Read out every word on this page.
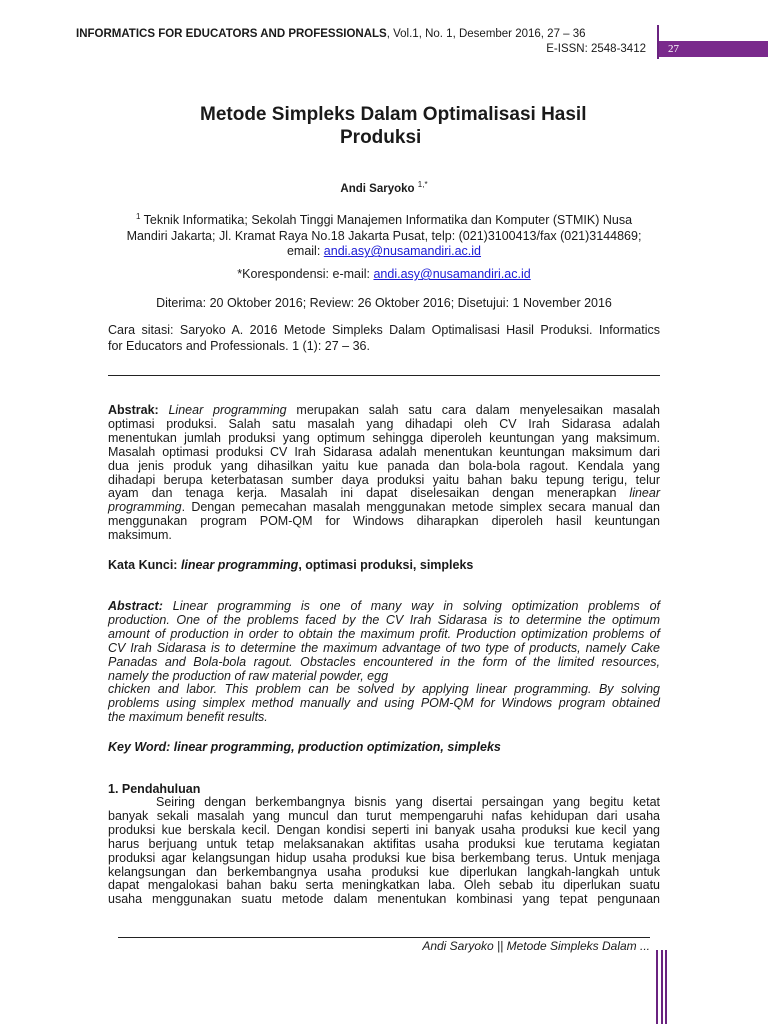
INFORMATICS FOR EDUCATORS AND PROFESSIONALS, Vol.1, No. 1, Desember 2016, 27 – 36
E-ISSN: 2548-3412	27
Metode Simpleks Dalam Optimalisasi Hasil
Produksi
Andi Saryoko $^{1,*}$
$^1$ Teknik Informatika; Sekolah Tinggi Manajemen Informatika dan Komputer (STMIK) Nusa
Mandiri Jakarta; Jl. Kramat Raya No.18 Jakarta Pusat, telp: (021)3100413/fax (021)3144869;
email: andi.asy@nusamandiri.ac.id
*Korespondensi: e-mail: andi.asy@nusamandiri.ac.id
Diterima: 20 Oktober 2016; Review: 26 Oktober 2016; Disetujui: 1 November 2016
Cara sitasi: Saryoko A. 2016 Metode Simpleks Dalam Optimalisasi Hasil Produksi. Informatics
for Educators and Professionals. 1 (1): 27 – 36.
Abstrak: Linear programming merupakan salah satu cara dalam menyelesaikan masalah
optimasi produksi. Salah satu masalah yang dihadapi oleh CV Irah Sidarasa adalah
menentukan jumlah produksi yang optimum sehingga diperoleh keuntungan yang maksimum.
Masalah optimasi produksi CV Irah Sidarasa adalah menentukan keuntungan maksimum dari
dua jenis produk yang dihasilkan yaitu kue panada dan bola-bola ragout. Kendala yang
dihadapi berupa keterbatasan sumber daya produksi yaitu bahan baku tepung terigu, telur
ayam dan tenaga kerja. Masalah ini dapat diselesaikan dengan menerapkan linear
programming. Dengan pemecahan masalah menggunakan metode simplex secara manual dan
menggunakan program POM-QM for Windows diharapkan diperoleh hasil keuntungan
maksimum.
Kata Kunci: linear programming, optimasi produksi, simpleks
Abstract: Linear programming is one of many way in solving optimization problems of
production. One of the problems faced by the CV Irah Sidarasa is to determine the optimum
amount of production in order to obtain the maximum profit. Production optimization problems of
CV Irah Sidarasa is to determine the maximum advantage of two type of products, namely Cake
Panadas and Bola-bola ragout. Obstacles encountered in the form of the limited resources,
namely the production of raw material powder, egg
chicken and labor. This problem can be solved by applying linear programming. By solving
problems using simplex method manually and using POM-QM for Windows program obtained
the maximum benefit results.
Key Word: linear programming, production optimization, simpleks
1. Pendahuluan
Seiring dengan berkembangnya bisnis yang disertai persaingan yang begitu ketat
banyak sekali masalah yang muncul dan turut mempengaruhi nafas kehidupan dari usaha
produksi kue berskala kecil. Dengan kondisi seperti ini banyak usaha produksi kue kecil yang
harus berjuang untuk tetap melaksanakan aktifitas usaha produksi kue terutama kegiatan
produksi agar kelangsungan hidup usaha produksi kue bisa berkembang terus. Untuk menjaga
kelangsungan dan berkembangnya usaha produksi kue diperlukan langkah-langkah untuk
dapat mengalokasi bahan baku serta meningkatkan laba. Oleh sebab itu diperlukan suatu
usaha menggunakan suatu metode dalam menentukan kombinasi yang tepat pengunaan
Andi Saryoko || Metode Simpleks Dalam ...
